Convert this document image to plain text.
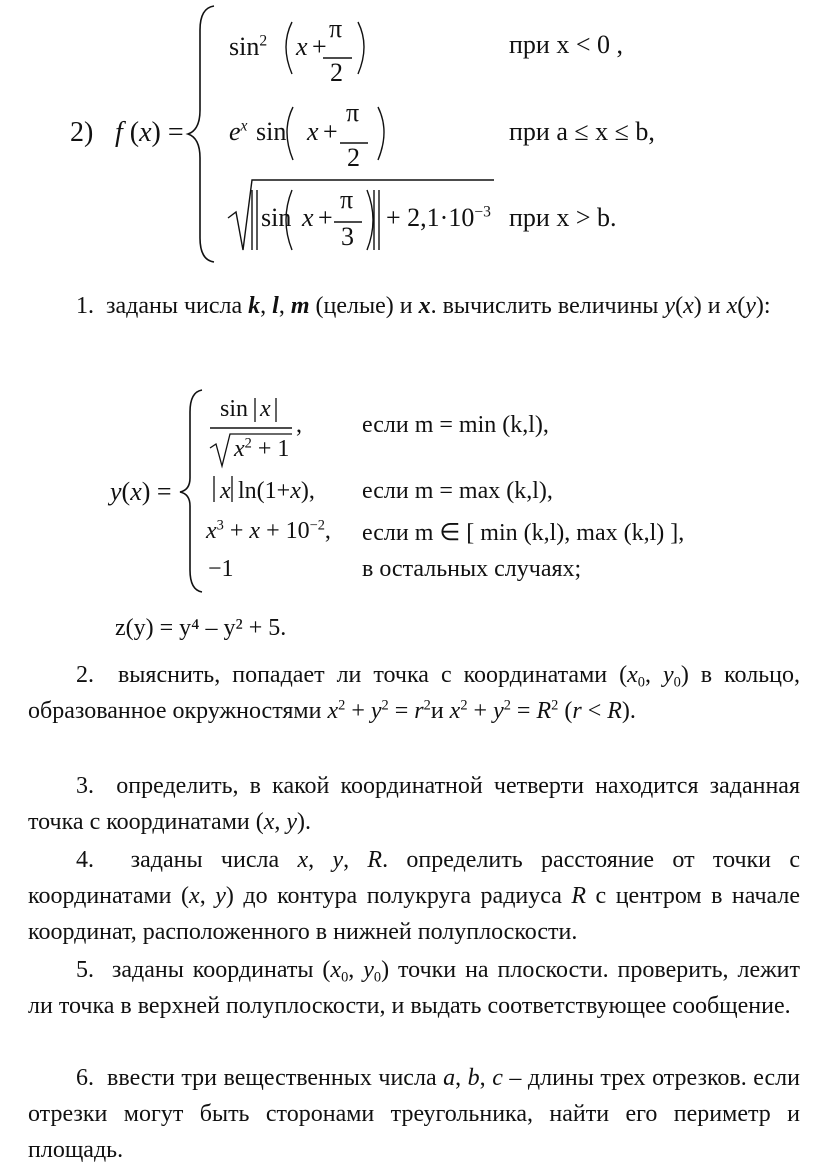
2) f (x) =
$\sin^2 x$ +
π
2
при x < 0 ,
$e^x$ sin x +
π
2
при a ≤ x ≤ b,
sin x +
π
3
+ $2,1\cdot 10^{-3}$ при x > b.
1.  заданы числа k, l, m (целые) и x. вычислить величины y(x) и x(y):
y(x) =
sin x
$x^2 + 1$
,	если m = min (k,l),
x ln(1+x), если m = max (k,l),
$x^3 + x + 10^{-2}$, если m ∈ [ min (k,l), max (k,l) ],
−1	в остальных случаях;
z(y) = y⁴ – y² + 5.
2.  выяснить, попадает ли точка с координатами ($x_0$, $y_0$) в кольцо, образованное окружностями $x^2 + y^2 = r^2и$ $x^2 + y^2 = R^2$ (r < R).
3.  определить, в какой координатной четверти находится заданная точка с координатами (x, y).
4.  заданы числа x, y, R. определить расстояние от точки с координатами (x, y) до контура полукруга радиуса R с центром в начале координат, расположенного в нижней полуплоскости.
5.  заданы координаты ($x_0$, $y_0$) точки на плоскости. проверить, лежит ли точка в верхней полуплоскости, и выдать соответствующее сообщение.
6.  ввести три вещественных числа a, b, c – длины трех отрезков. если отрезки могут быть сторонами треугольника, найти его периметр и площадь.
